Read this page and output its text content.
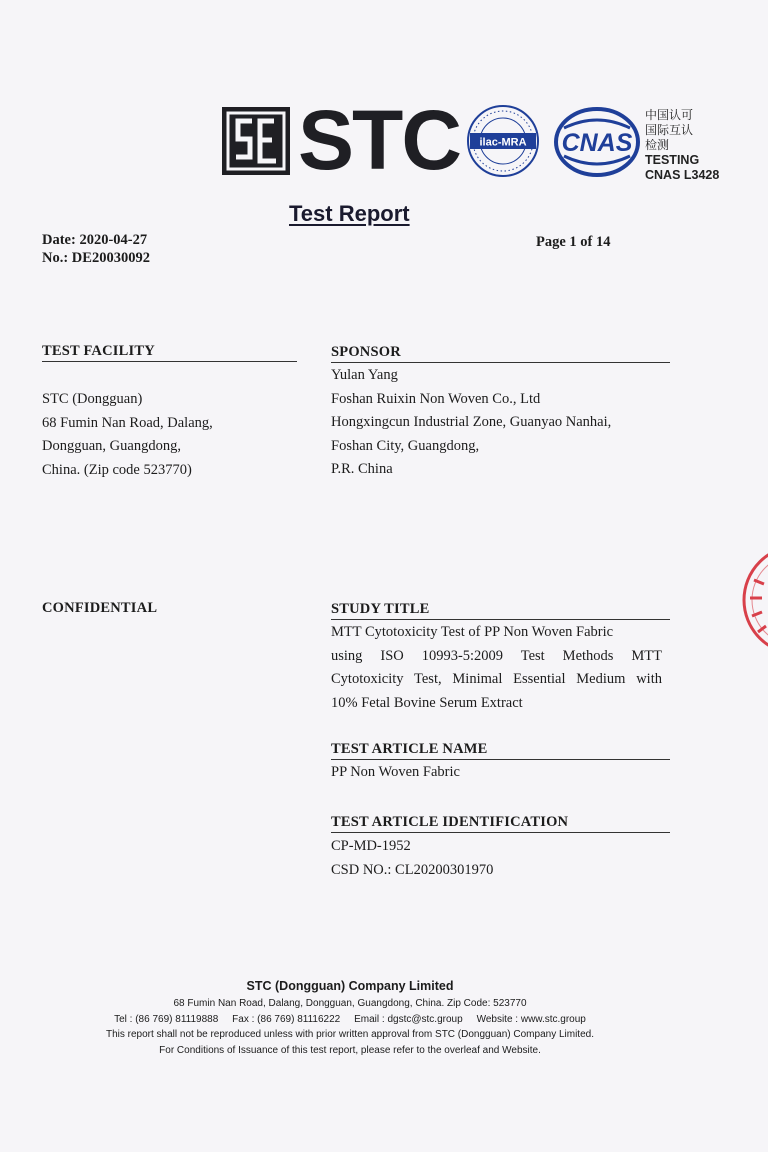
STC ilac-MRA CNAS
中国认可
国际互认
检测
TESTING
CNAS L3428
Test Report
Date: 2020-04-27
No.: DE20030092
Page 1 of 14
TEST FACILITY
STC (Dongguan)
68 Fumin Nan Road, Dalang,
Dongguan, Guangdong,
China. (Zip code 523770)
SPONSOR
Yulan Yang
Foshan Ruixin Non Woven Co., Ltd
Hongxingcun Industrial Zone, Guanyao Nanhai,
Foshan City, Guangdong,
P.R. China
CONFIDENTIAL	STUDY TITLE
MTT Cytotoxicity Test of PP Non Woven Fabric
using ISO 10993-5:2009 Test Methods MTT
Cytotoxicity Test, Minimal Essential Medium with
10% Fetal Bovine Serum Extract
TEST ARTICLE NAME
PP Non Woven Fabric
TEST ARTICLE IDENTIFICATION
CP-MD-1952
CSD NO.: CL20200301970
STC (Dongguan) Company Limited
68 Fumin Nan Road, Dalang, Dongguan, Guangdong, China. Zip Code: 523770
Tel : (86 769) 81119888 Fax : (86 769) 81116222 Email : dgstc@stc.group Website : www.stc.group
This report shall not be reproduced unless with prior written approval from STC (Dongguan) Company Limited.
For Conditions of Issuance of this test report, please refer to the overleaf and Website.
